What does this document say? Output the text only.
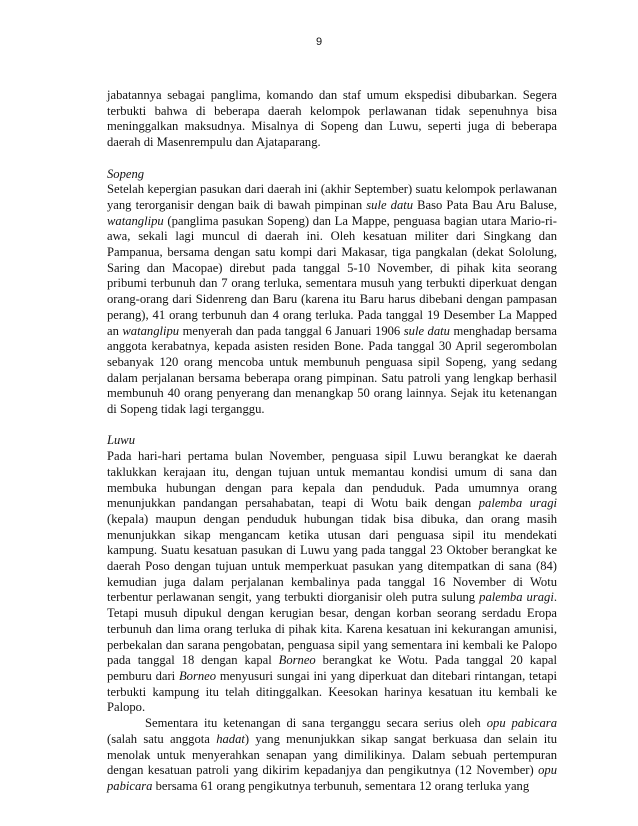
9

jabatannya sebagai panglima, komando dan staf umum ekspedisi dibubarkan. Segera terbukti bahwa di beberapa daerah kelompok perlawanan tidak sepenuhnya bisa meninggalkan maksudnya. Misalnya di Sopeng dan Luwu, seperti juga di beberapa daerah di Masenrempulu dan Ajataparang.

Sopeng

Setelah kepergian pasukan dari daerah ini (akhir September) suatu kelompok perlawanan yang terorganisir dengan baik di bawah pimpinan sule datu Baso Pata Bau Aru Baluse, watanglipu (panglima pasukan Sopeng) dan La Mappe, penguasa bagian utara Mario-ri-awa, sekali lagi muncul di daerah ini. Oleh kesatuan militer dari Singkang dan Pampanua, bersama dengan satu kompi dari Makasar, tiga pangkalan (dekat Sololung, Saring dan Macopae) direbut pada tanggal 5-10 November, di pihak kita seorang pribumi terbunuh dan 7 orang terluka, sementara musuh yang terbukti diperkuat dengan orang-orang dari Sidenreng dan Baru (karena itu Baru harus dibebani dengan pampasan perang), 41 orang terbunuh dan 4 orang terluka. Pada tanggal 19 Desember La Mapped an watanglipu menyerah dan pada tanggal 6 Januari 1906 sule datu menghadap bersama anggota kerabatnya, kepada asisten residen Bone. Pada tanggal 30 April segerombolan sebanyak 120 orang mencoba untuk membunuh penguasa sipil Sopeng, yang sedang dalam perjalanan bersama beberapa orang pimpinan. Satu patroli yang lengkap berhasil membunuh 40 orang penyerang dan menangkap 50 orang lainnya. Sejak itu ketenangan di Sopeng tidak lagi terganggu.

Luwu

Pada hari-hari pertama bulan November, penguasa sipil Luwu berangkat ke daerah taklukkan kerajaan itu, dengan tujuan untuk memantau kondisi umum di sana dan membuka hubungan dengan para kepala dan penduduk. Pada umumnya orang menunjukkan pandangan persahabatan, teapi di Wotu baik dengan palemba uragi (kepala) maupun dengan penduduk hubungan tidak bisa dibuka, dan orang masih menunjukkan sikap mengancam ketika utusan dari penguasa sipil itu mendekati kampung. Suatu kesatuan pasukan di Luwu yang pada tanggal 23 Oktober berangkat ke daerah Poso dengan tujuan untuk memperkuat pasukan yang ditempatkan di sana (84) kemudian juga dalam perjalanan kembalinya pada tanggal 16 November di Wotu terbentur perlawanan sengit, yang terbukti diorganisir oleh putra sulung palemba uragi. Tetapi musuh dipukul dengan kerugian besar, dengan korban seorang serdadu Eropa terbunuh dan lima orang terluka di pihak kita. Karena kesatuan ini kekurangan amunisi, perbekalan dan sarana pengobatan, penguasa sipil yang sementara ini kembali ke Palopo pada tanggal 18 dengan kapal Borneo berangkat ke Wotu. Pada tanggal 20 kapal pemburu dari Borneo menyusuri sungai ini yang diperkuat dan ditebari rintangan, tetapi terbukti kampung itu telah ditinggalkan. Keesokan harinya kesatuan itu kembali ke Palopo.

Sementara itu ketenangan di sana terganggu secara serius oleh opu pabicara (salah satu anggota hadat) yang menunjukkan sikap sangat berkuasa dan selain itu menolak untuk menyerahkan senapan yang dimilikinya. Dalam sebuah pertempuran dengan kesatuan patroli yang dikirim kepadanjya dan pengikutnya (12 November) opu pabicara bersama 61 orang pengikutnya terbunuh, sementara 12 orang terluka yang
